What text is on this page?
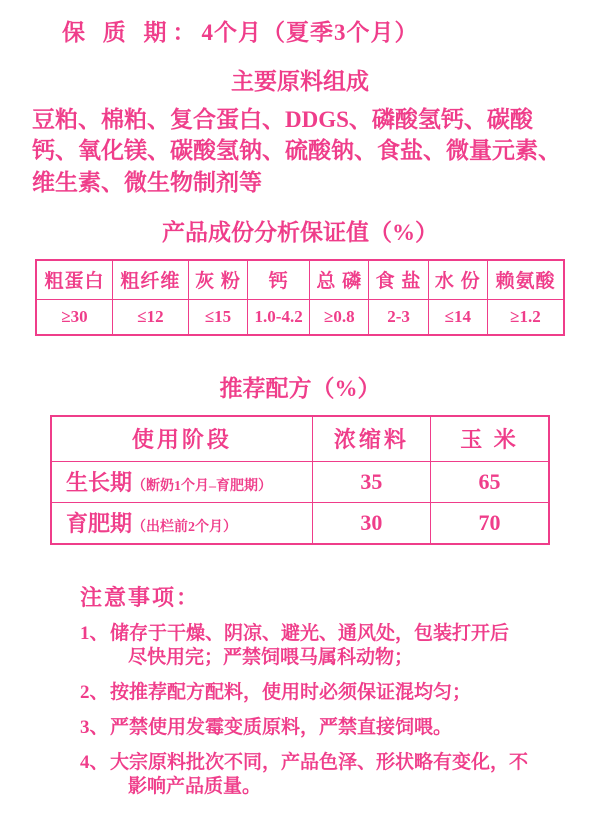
保 质 期：4个月（夏季3个月）
主要原料组成
豆粕、棉粕、复合蛋白、DDGS、磷酸氢钙、碳酸钙、氧化镁、碳酸氢钠、硫酸钠、食盐、微量元素、维生素、微生物制剂等
产品成份分析保证值（%）
粗蛋白	粗纤维	灰 粉	钙	总 磷	食 盐	水 份	赖氨酸
≥30	≤12	≤15	1.0-4.2	≥0.8	2-3	≤14	≥1.2
推荐配方（%）
使用阶段	浓缩料	玉 米
生长期（断奶1个月–育肥期）	35	65
育肥期（出栏前2个月）	30	70
注意事项：
1、 储存于干燥、阴凉、避光、通风处，包装打开后
尽快用完；严禁饲喂马属科动物；
2、 按推荐配方配料，使用时必须保证混均匀；
3、 严禁使用发霉变质原料，严禁直接饲喂。
4、 大宗原料批次不同，产品色泽、形状略有变化，不
影响产品质量。
